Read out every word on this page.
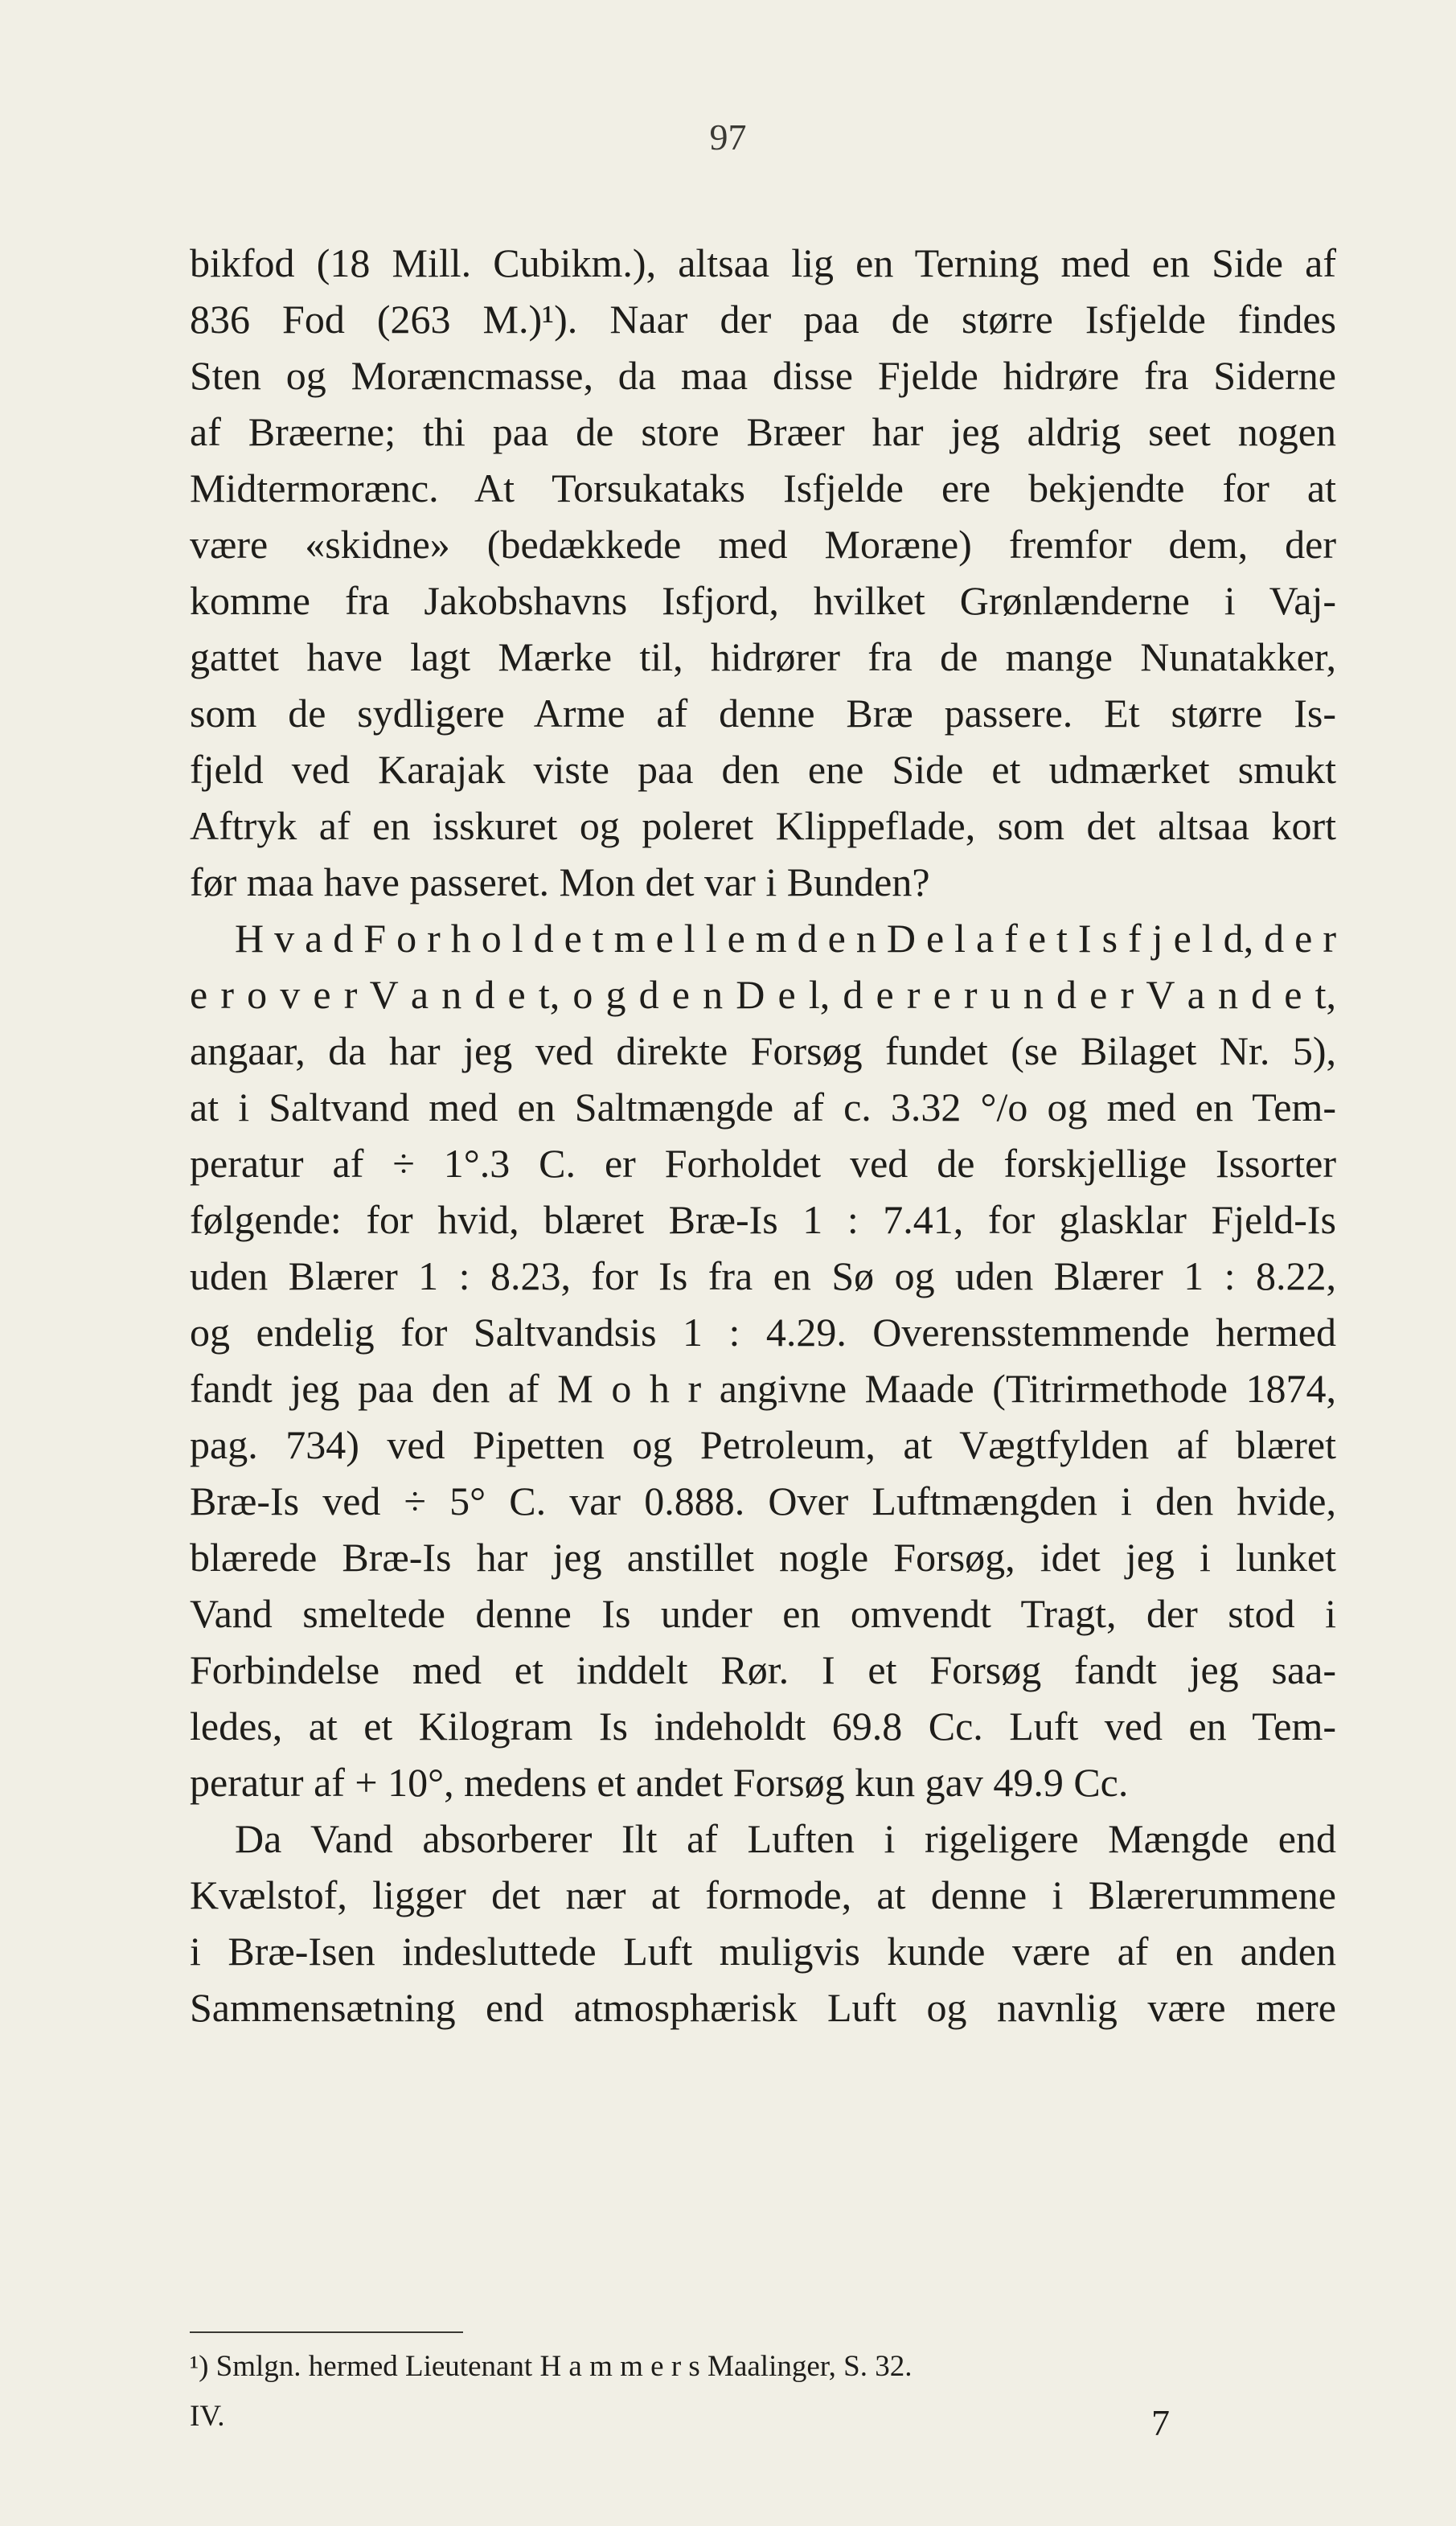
97
bikfod (18 Mill. Cubikm.), altsaa lig en Terning med en Side af
836 Fod (263 M.)¹). Naar der paa de større Isfjelde findes
Sten og Moræncmasse, da maa disse Fjelde hidrøre fra Siderne
af Bræerne; thi paa de store Bræer har jeg aldrig seet nogen
Midtermorænc. At Torsukataks Isfjelde ere bekjendte for at
være «skidne» (bedækkede med Moræne) fremfor dem, der
komme fra Jakobshavns Isfjord, hvilket Grønlænderne i Vaj-
gattet have lagt Mærke til, hidrører fra de mange Nunatakker,
som de sydligere Arme af denne Bræ passere. Et større Is-
fjeld ved Karajak viste paa den ene Side et udmærket smukt
Aftryk af en isskuret og poleret Klippeflade, som det altsaa kort
før maa have passeret. Mon det var i Bunden?
H v a d F o r h o l d e t m e l l e m d e n D e l a f e t I s f j e l d, d e r
e r o v e r V a n d e t, o g d e n D e l, d e r e r u n d e r V a n d e t,
angaar, da har jeg ved direkte Forsøg fundet (se Bilaget Nr. 5),
at i Saltvand med en Saltmængde af c. 3.32 °/o og med en Tem-
peratur af ÷ 1°.3 C. er Forholdet ved de forskjellige Issorter
følgende: for hvid, blæret Bræ-Is 1 : 7.41, for glasklar Fjeld-Is
uden Blærer 1 : 8.23, for Is fra en Sø og uden Blærer 1 : 8.22,
og endelig for Saltvandsis 1 : 4.29. Overensstemmende hermed
fandt jeg paa den af M o h r angivne Maade (Titrirmethode 1874,
pag. 734) ved Pipetten og Petroleum, at Vægtfylden af blæret
Bræ-Is ved ÷ 5° C. var 0.888. Over Luftmængden i den hvide,
blærede Bræ-Is har jeg anstillet nogle Forsøg, idet jeg i lunket
Vand smeltede denne Is under en omvendt Tragt, der stod i
Forbindelse med et inddelt Rør. I et Forsøg fandt jeg saa-
ledes, at et Kilogram Is indeholdt 69.8 Cc. Luft ved en Tem-
peratur af + 10°, medens et andet Forsøg kun gav 49.9 Cc.
Da Vand absorberer Ilt af Luften i rigeligere Mængde end
Kvælstof, ligger det nær at formode, at denne i Blærerummene
i Bræ-Isen indesluttede Luft muligvis kunde være af en anden
Sammensætning end atmosphærisk Luft og navnlig være mere
¹) Smlgn. hermed Lieutenant H a m m e r s Maalinger, S. 32.
IV.	7
